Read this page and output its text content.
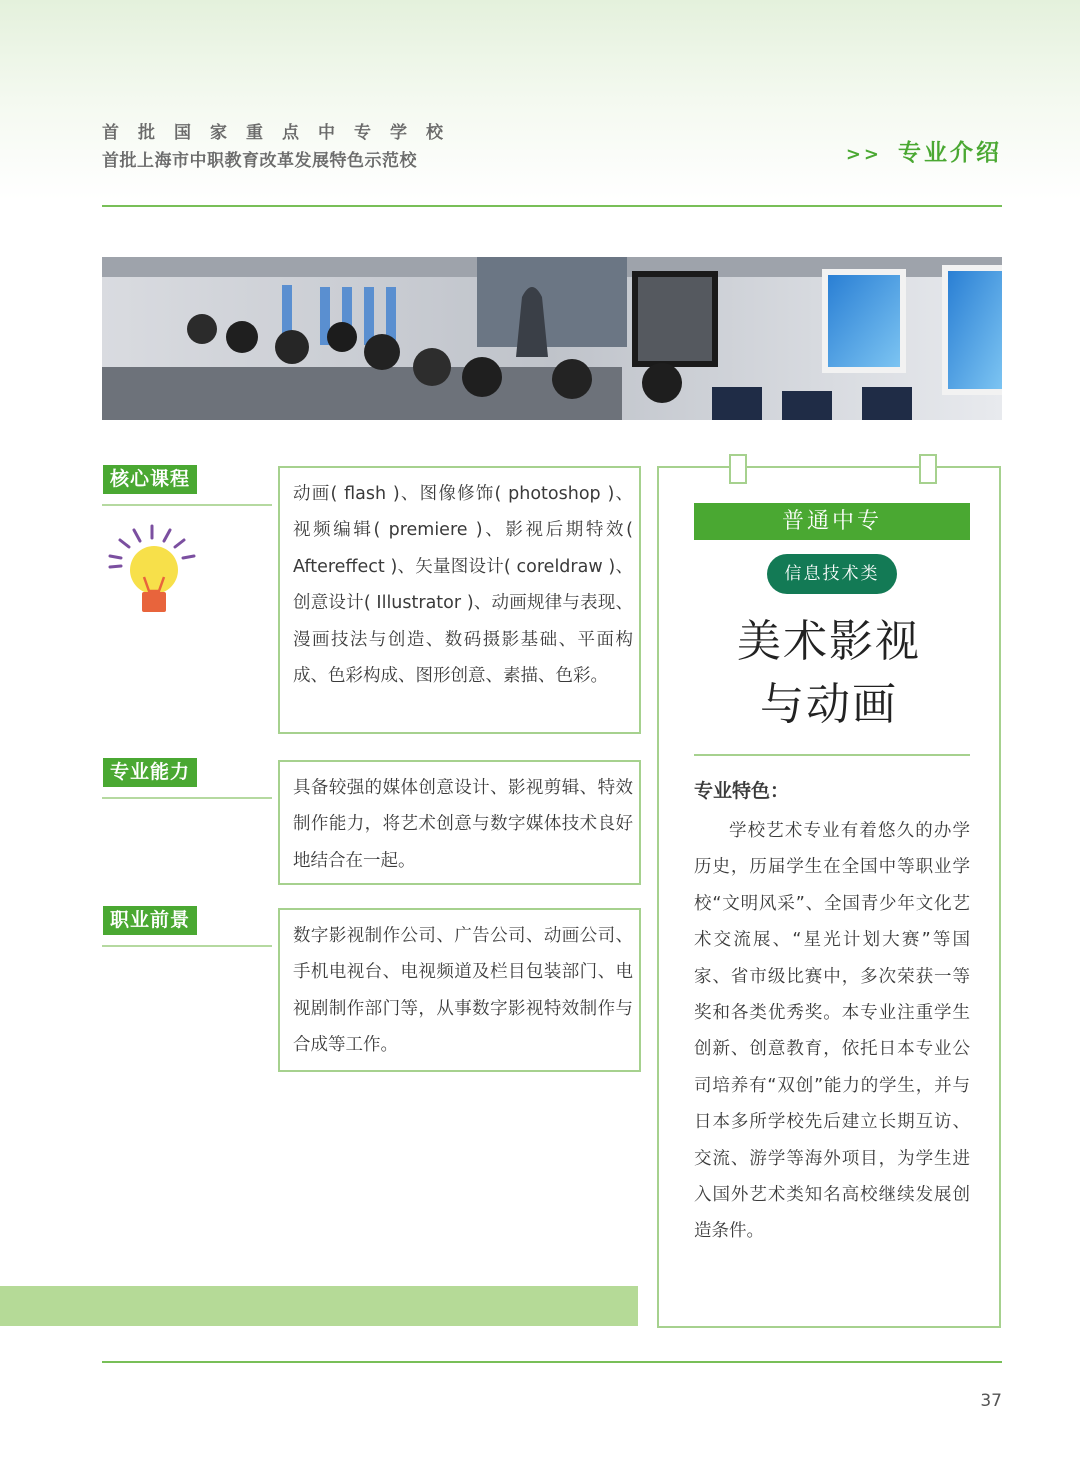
首批国家重点中专学校
首批上海市中职教育改革发展特色示范校	>> 专业介绍
核心课程
动画( flash )、图像修饰( photoshop )、视频编辑( premiere )、影视后期特效( Aftereffect )、矢量图设计( coreldraw )、创意设计( Illustrator )、动画规律与表现、漫画技法与创造、数码摄影基础、平面构成、色彩构成、图形创意、素描、色彩。
专业能力
具备较强的媒体创意设计、影视剪辑、特效制作能力，将艺术创意与数字媒体技术良好地结合在一起。
职业前景
数字影视制作公司、广告公司、动画公司、手机电视台、电视频道及栏目包装部门、电视剧制作部门等，从事数字影视特效制作与合成等工作。
普通中专
信息技术类
美术影视
与动画
专业特色：
学校艺术专业有着悠久的办学历史，历届学生在全国中等职业学校“文明风采”、全国青少年文化艺术交流展、“星光计划大赛”等国家、省市级比赛中，多次荣获一等奖和各类优秀奖。本专业注重学生创新、创意教育，依托日本专业公司培养有“双创”能力的学生，并与日本多所学校先后建立长期互访、交流、游学等海外项目，为学生进入国外艺术类知名高校继续发展创造条件。
37
